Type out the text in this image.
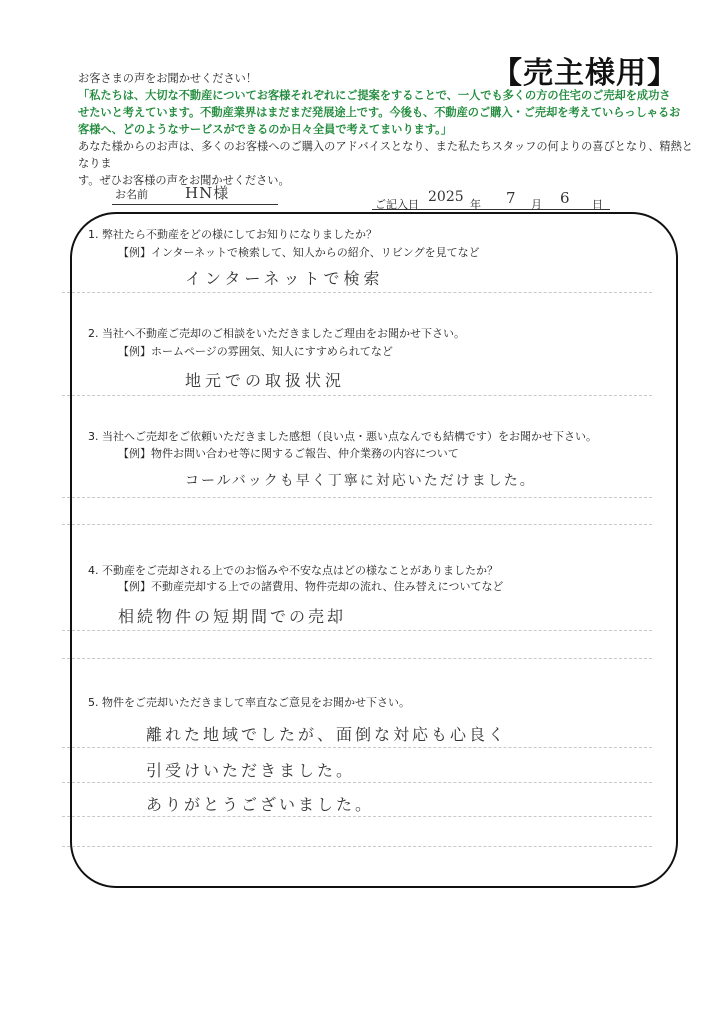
【売主様用】

お客さまの声をお聞かせください！

「私たちは、大切な不動産についてお客様それぞれにご提案をすることで、一人でも多くの方の住宅のご売却を成功さ

せたいと考えています。不動産業界はまだまだ発展途上です。今後も、不動産のご購入・ご売却を考えていらっしゃるお

客様へ、どのようなサービスができるのか日々全員で考えてまいります。」

あなた様からのお声は、多くのお客様へのご購入のアドバイスとなり、また私たちスタッフの何よりの喜びとなり、精熱となりま

す。ぜひお客様の声をお聞かせください。

お名前 HN様
ご記入日 2025 年 7 月 6 日
1. 弊社たら不動産をどの様にしてお知りになりましたか？
【例】インターネットで検索して、知人からの紹介、リビングを見てなど
インターネットで検索
2. 当社へ不動産ご売却のご相談をいただきましたご理由をお聞かせ下さい。
【例】ホームページの雰囲気、知人にすすめられてなど
地元での取扱状況
3. 当社へご売却をご依頼いただきました感想（良い点・悪い点なんでも結構です）をお聞かせ下さい。
【例】物件お問い合わせ等に関するご報告、仲介業務の内容について
コールバックも早く丁寧に対応いただけました。
4. 不動産をご売却される上でのお悩みや不安な点はどの様なことがありましたか？
【例】不動産売却する上での諸費用、物件売却の流れ、住み替えについてなど
相続物件の短期間での売却
5. 物件をご売却いただきまして率直なご意見をお聞かせ下さい。
離れた地域でしたが、面倒な対応も心良く
引受けいただきました。
ありがとうございました。
